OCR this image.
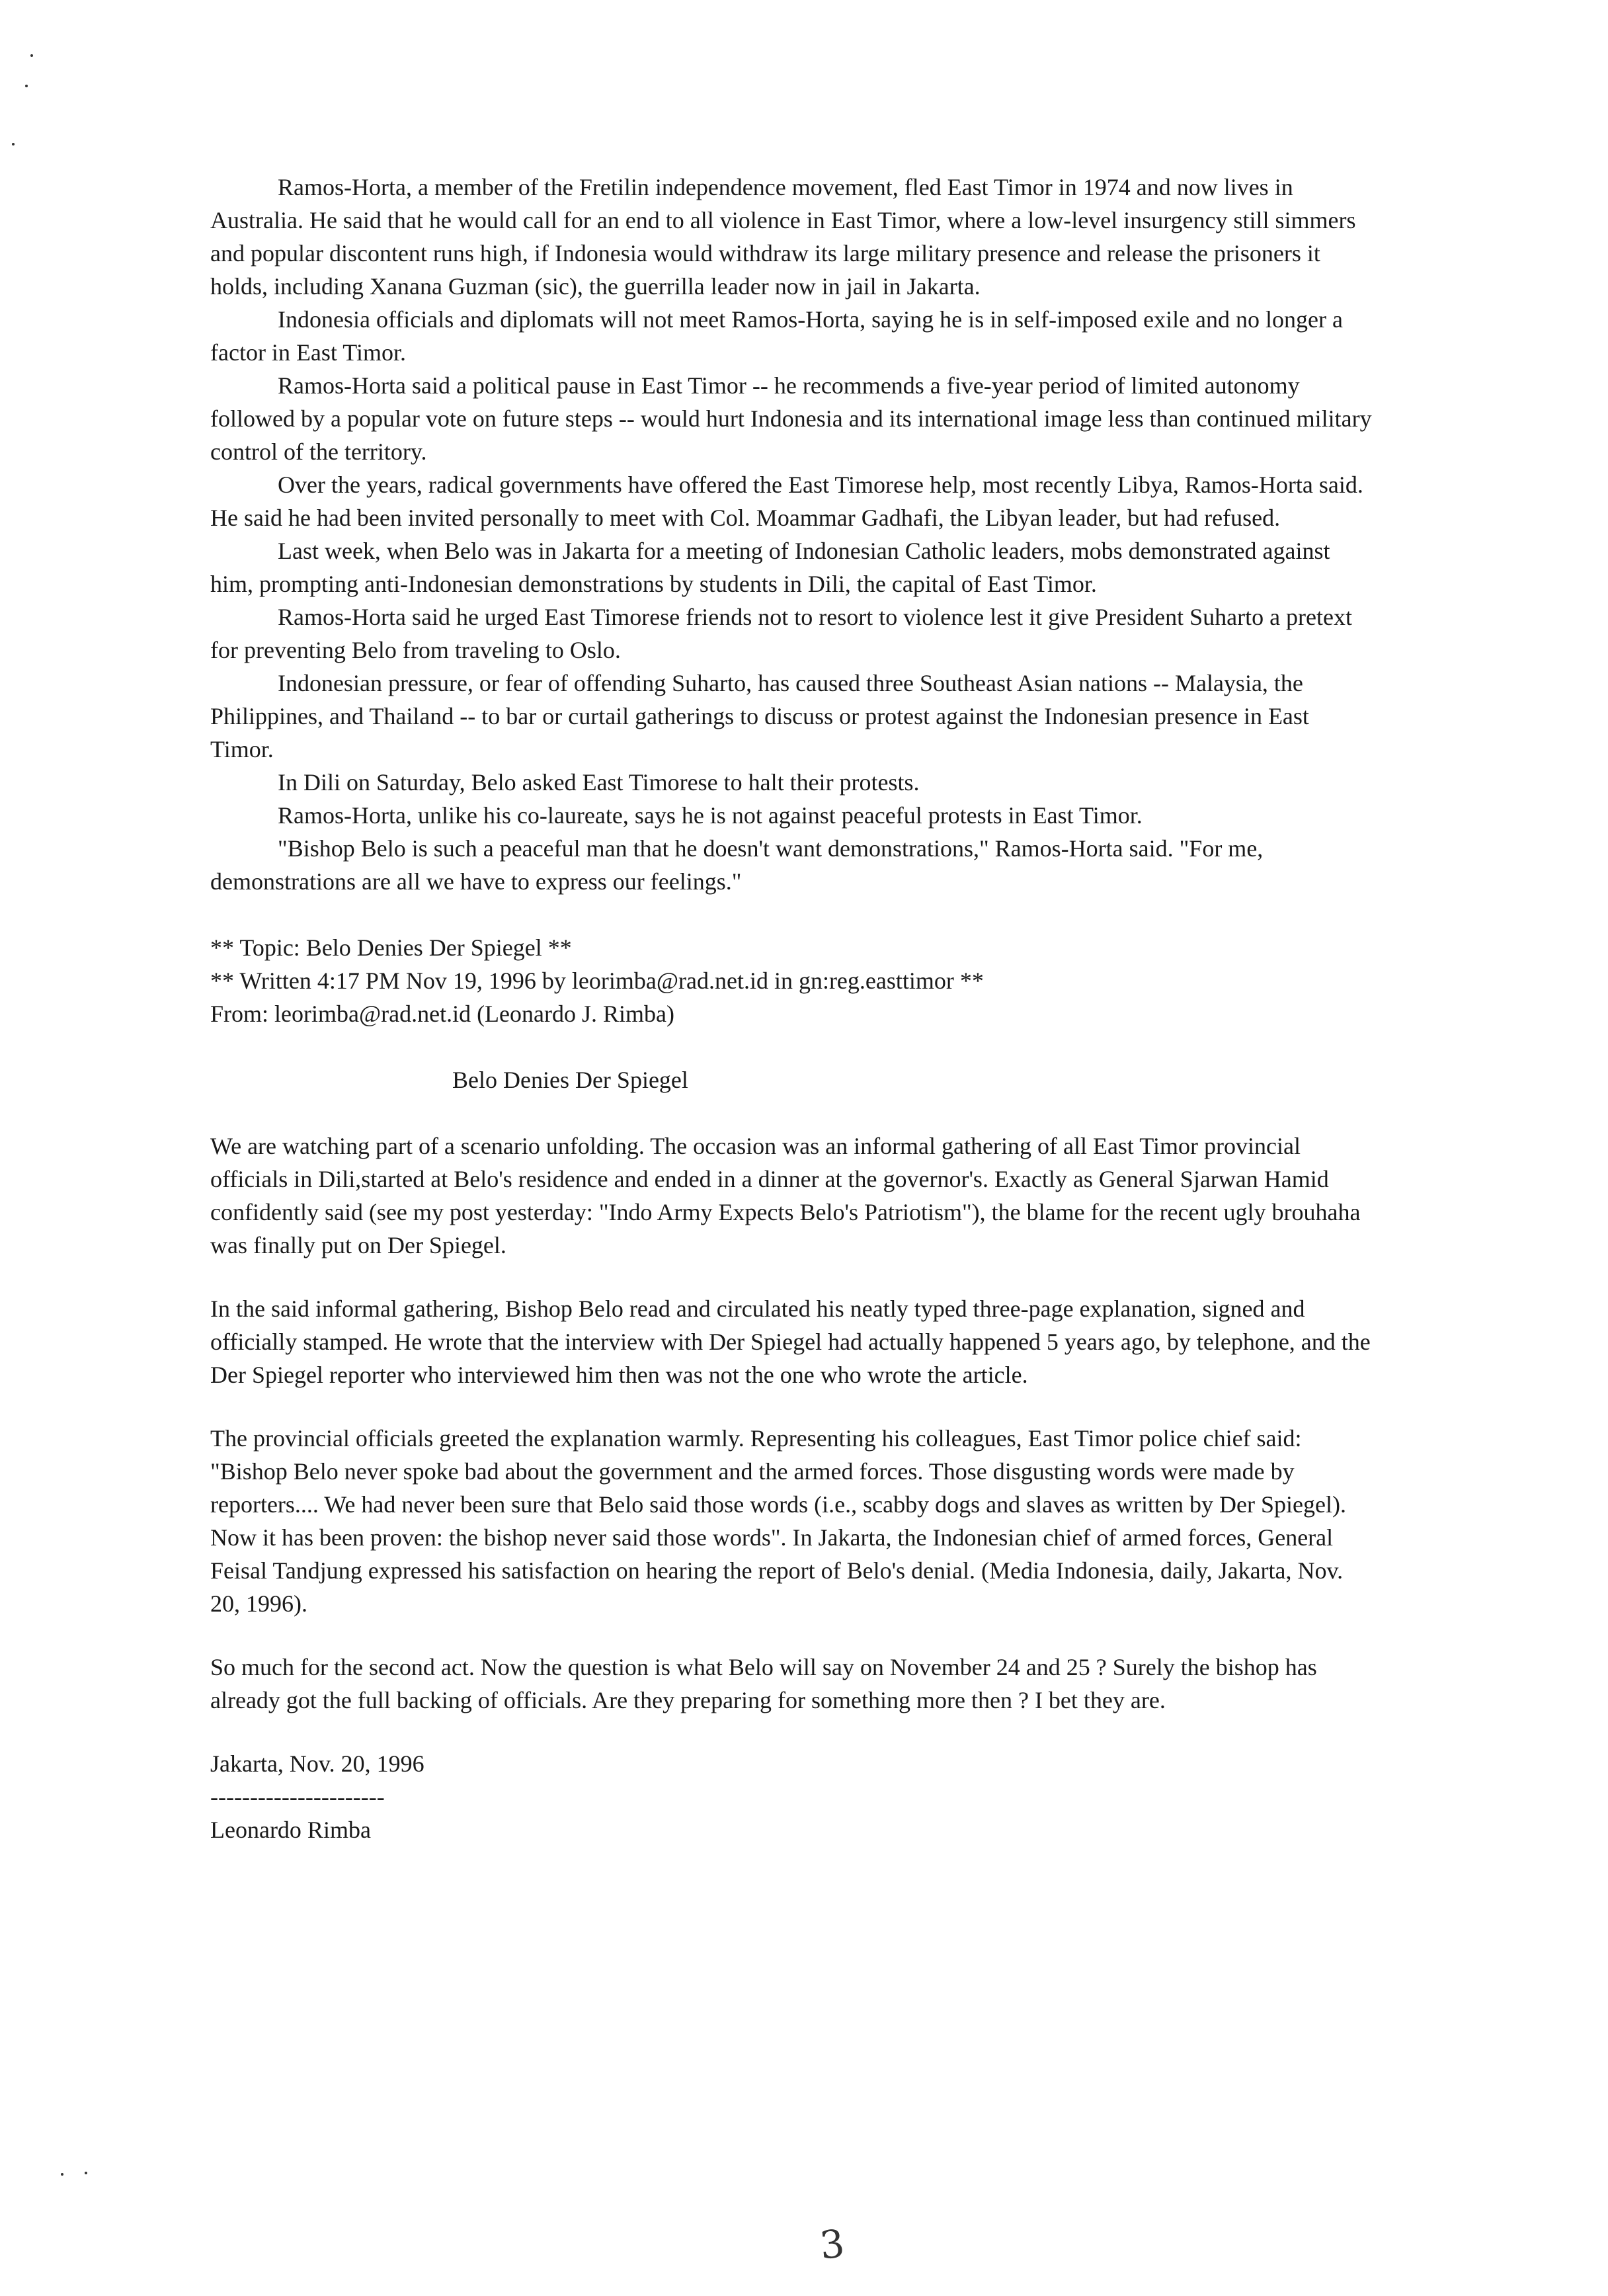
Ramos-Horta, a member of the Fretilin independence movement, fled East Timor in 1974 and now lives in Australia. He said that he would call for an end to all violence in East Timor, where a low-level insurgency still simmers and popular discontent runs high, if Indonesia would withdraw its large military presence and release the prisoners it holds, including Xanana Guzman (sic), the guerrilla leader now in jail in Jakarta.

Indonesia officials and diplomats will not meet Ramos-Horta, saying he is in self-imposed exile and no longer a factor in East Timor.

Ramos-Horta said a political pause in East Timor -- he recommends a five-year period of limited autonomy followed by a popular vote on future steps -- would hurt Indonesia and its international image less than continued military control of the territory.

Over the years, radical governments have offered the East Timorese help, most recently Libya, Ramos-Horta said. He said he had been invited personally to meet with Col. Moammar Gadhafi, the Libyan leader, but had refused.

Last week, when Belo was in Jakarta for a meeting of Indonesian Catholic leaders, mobs demonstrated against him, prompting anti-Indonesian demonstrations by students in Dili, the capital of East Timor.

Ramos-Horta said he urged East Timorese friends not to resort to violence lest it give President Suharto a pretext for preventing Belo from traveling to Oslo.

Indonesian pressure, or fear of offending Suharto, has caused three Southeast Asian nations -- Malaysia, the Philippines, and Thailand -- to bar or curtail gatherings to discuss or protest against the Indonesian presence in East Timor.

In Dili on Saturday, Belo asked East Timorese to halt their protests.

Ramos-Horta, unlike his co-laureate, says he is not against peaceful protests in East Timor.

"Bishop Belo is such a peaceful man that he doesn't want demonstrations," Ramos-Horta said. "For me, demonstrations are all we have to express our feelings."

** Topic: Belo Denies Der Spiegel **

** Written 4:17 PM Nov 19, 1996 by leorimba@rad.net.id in gn:reg.easttimor **

From: leorimba@rad.net.id (Leonardo J. Rimba)

Belo Denies Der Spiegel

We are watching part of a scenario unfolding. The occasion was an informal gathering of all East Timor provincial officials in Dili,started at Belo's residence and ended in a dinner at the governor's. Exactly as General Sjarwan Hamid confidently said (see my post yesterday: "Indo Army Expects Belo's Patriotism"), the blame for the recent ugly brouhaha was finally put on Der Spiegel.

In the said informal gathering, Bishop Belo read and circulated his neatly typed three-page explanation, signed and officially stamped. He wrote that the interview with Der Spiegel had actually happened 5 years ago, by telephone, and the Der Spiegel reporter who interviewed him then was not the one who wrote the article.

The provincial officials greeted the explanation warmly. Representing his colleagues, East Timor police chief said: "Bishop Belo never spoke bad about the government and the armed forces. Those disgusting words were made by reporters.... We had never been sure that Belo said those words (i.e., scabby dogs and slaves as written by Der Spiegel). Now it has been proven: the bishop never said those words". In Jakarta, the Indonesian chief of armed forces, General Feisal Tandjung expressed his satisfaction on hearing the report of Belo's denial. (Media Indonesia, daily, Jakarta, Nov. 20, 1996).

So much for the second act. Now the question is what Belo will say on November 24 and 25 ? Surely the bishop has already got the full backing of officials. Are they preparing for something more then ? I bet they are.

Jakarta, Nov. 20, 1996

----------------------

Leonardo Rimba

3
